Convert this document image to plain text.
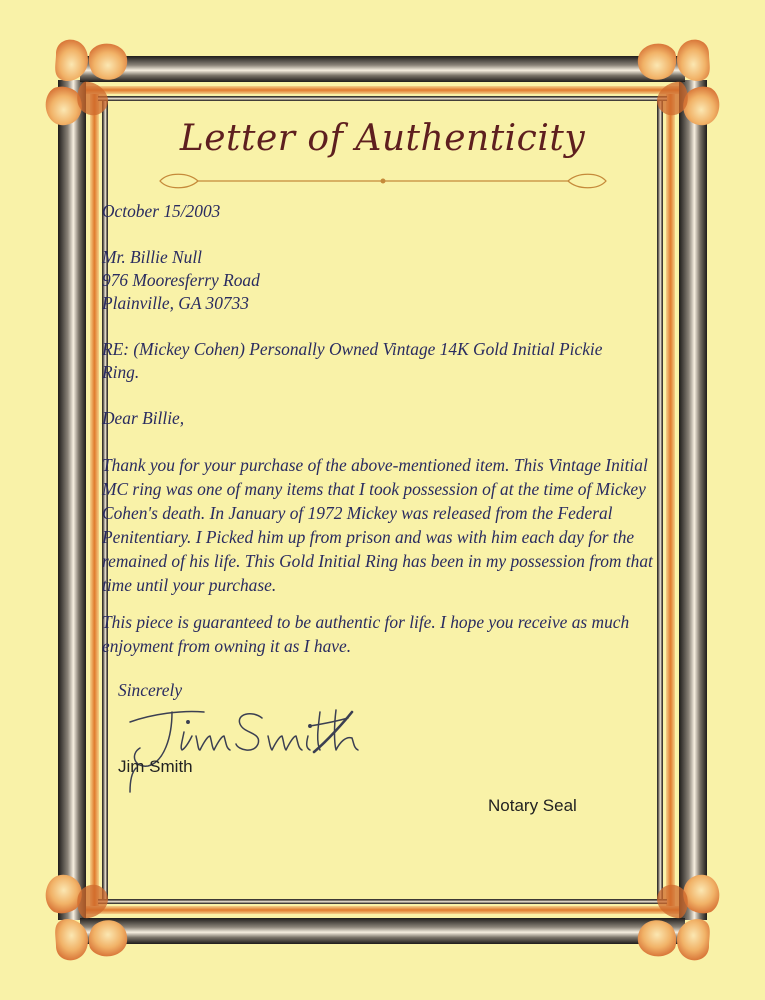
Letter of Authenticity
October 15/2003
Mr. Billie Null
976 Mooresferry Road
Plainville, GA 30733
RE: (Mickey Cohen) Personally Owned Vintage 14K Gold Initial Pickie
Ring.
Dear Billie,
Thank you for your purchase of the above-mentioned item. This Vintage Initial MC ring was one of many items that I took possession of at the time of Mickey Cohen's death. In January of 1972 Mickey was released from the Federal Penitentiary. I Picked him up from prison and was with him each day for the remained of his life. This Gold Initial Ring has been in my possession from that time until your purchase.
This piece is guaranteed to be authentic for life. I hope you receive as much enjoyment from owning it as I have.
Sincerely
Jim Smith
Notary Seal
